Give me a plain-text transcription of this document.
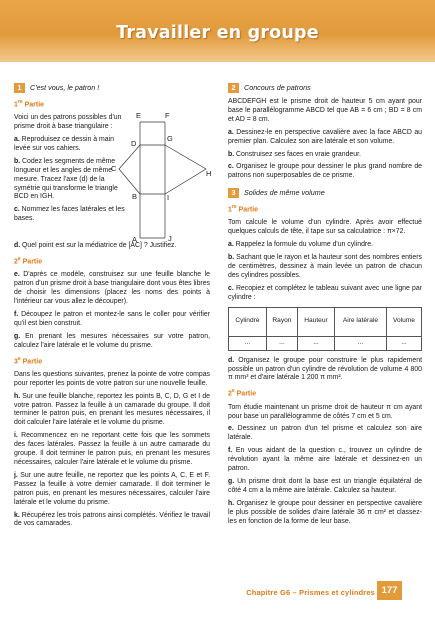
Travailler en groupe
1	C'est vous, le patron !
1re Partie

Voici un des patrons possibles d'un prisme droit à base triangulaire :

a. Reproduisez ce dessin à main levée sur vos cahiers.

b. Codez les segments de même longueur et les angles de même mesure. Tracez l'axe (d) de la symétrie qui transforme le triangle BCD en IGH.

c. Nommez les faces latérales et les bases.

E	F
D
G
C
H
B	I
A	J

d. Quel point est sur la médiatrice de [AC] ? Justifiez.

2e Partie

e. D'après ce modèle, construisez sur une feuille blanche le patron d'un prisme droit à base triangulaire dont vous êtes libres de choisir les dimensions (placez les noms des points à l'intérieur car vous allez le découper).

f. Découpez le patron et montez-le sans le coller pour vérifier qu'il est bien construit.

g. En prenant les mesures nécessaires sur votre patron, calculez l'aire latérale et le volume du prisme.

3e Partie

Dans les questions suivantes, prenez la pointe de votre compas pour reporter les points de votre patron sur une nouvelle feuille.

h. Sur une feuille blanche, reportez les points B, C, D, G et I de votre patron. Passez la feuille à un camarade du groupe. Il doit terminer le patron puis, en prenant les mesures nécessaires, il doit calculer l'aire latérale et le volume du prisme.

i. Recommencez en ne reportant cette fois que les sommets des faces latérales. Passez la feuille à un autre camarade du groupe. Il doit terminer le patron puis, en prenant les mesures nécessaires, calculer l'aire latérale et le volume du prisme.

j. Sur une autre feuille, ne reportez que les points A, C, E et F. Passez la feuille à votre dernier camarade. Il doit terminer le patron puis, en prenant les mesures nécessaires, calculer l'aire latérale et le volume du prisme.

k. Récupérez les trois patrons ainsi complétés. Vérifiez le travail de vos camarades.

2	Concours de patrons

ABCDEFGH est le prisme droit de hauteur 5 cm ayant pour base le parallélogramme ABCD tel que AB = 6 cm ; BD = 8 cm et AD = 8 cm.

a. Dessinez-le en perspective cavalière avec la face ABCD au premier plan. Calculez son aire latérale et son volume.

b. Construisez ses faces en vraie grandeur.

c. Organisez le groupe pour dessiner le plus grand nombre de patrons non superposables de ce prisme.

3	Solides de même volume
1re Partie

Tom calcule le volume d'un cylindre. Après avoir effectué quelques calculs de tête, il tape sur sa calculatrice : π×72.

a. Rappelez la formule du volume d'un cylindre.

b. Sachant que le rayon et la hauteur sont des nombres entiers de centimètres, dessinez à main levée un patron de chacun des cylindres possibles.

c. Recopiez et complétez le tableau suivant avec une ligne par cylindre :

Cylindre	Rayon	Hauteur	Aire latérale	Volume
...	...	...	...	...

d. Organisez le groupe pour construire le plus rapidement possible un patron d'un cylindre de révolution de volume 4 800 π mm³ et d'aire latérale 1 200 π mm².

2e Partie

Tom étudie maintenant un prisme droit de hauteur π cm ayant pour base un parallélogramme de côtés 7 cm et 5 cm.

e. Dessinez un patron d'un tel prisme et calculez son aire latérale.

f. En vous aidant de la question c., trouvez un cylindre de révolution ayant la même aire latérale et dessinez-en un patron.

g. Un prisme droit dont la base est un triangle équilatéral de côté 4 cm a la même aire latérale. Calculez sa hauteur.

h. Organisez le groupe pour dessiner en perspective cavalière le plus possible de solides d'aire latérale 36 π cm² et classez-les en fonction de la forme de leur base.

Chapitre G6 – Prismes et cylindres 177
